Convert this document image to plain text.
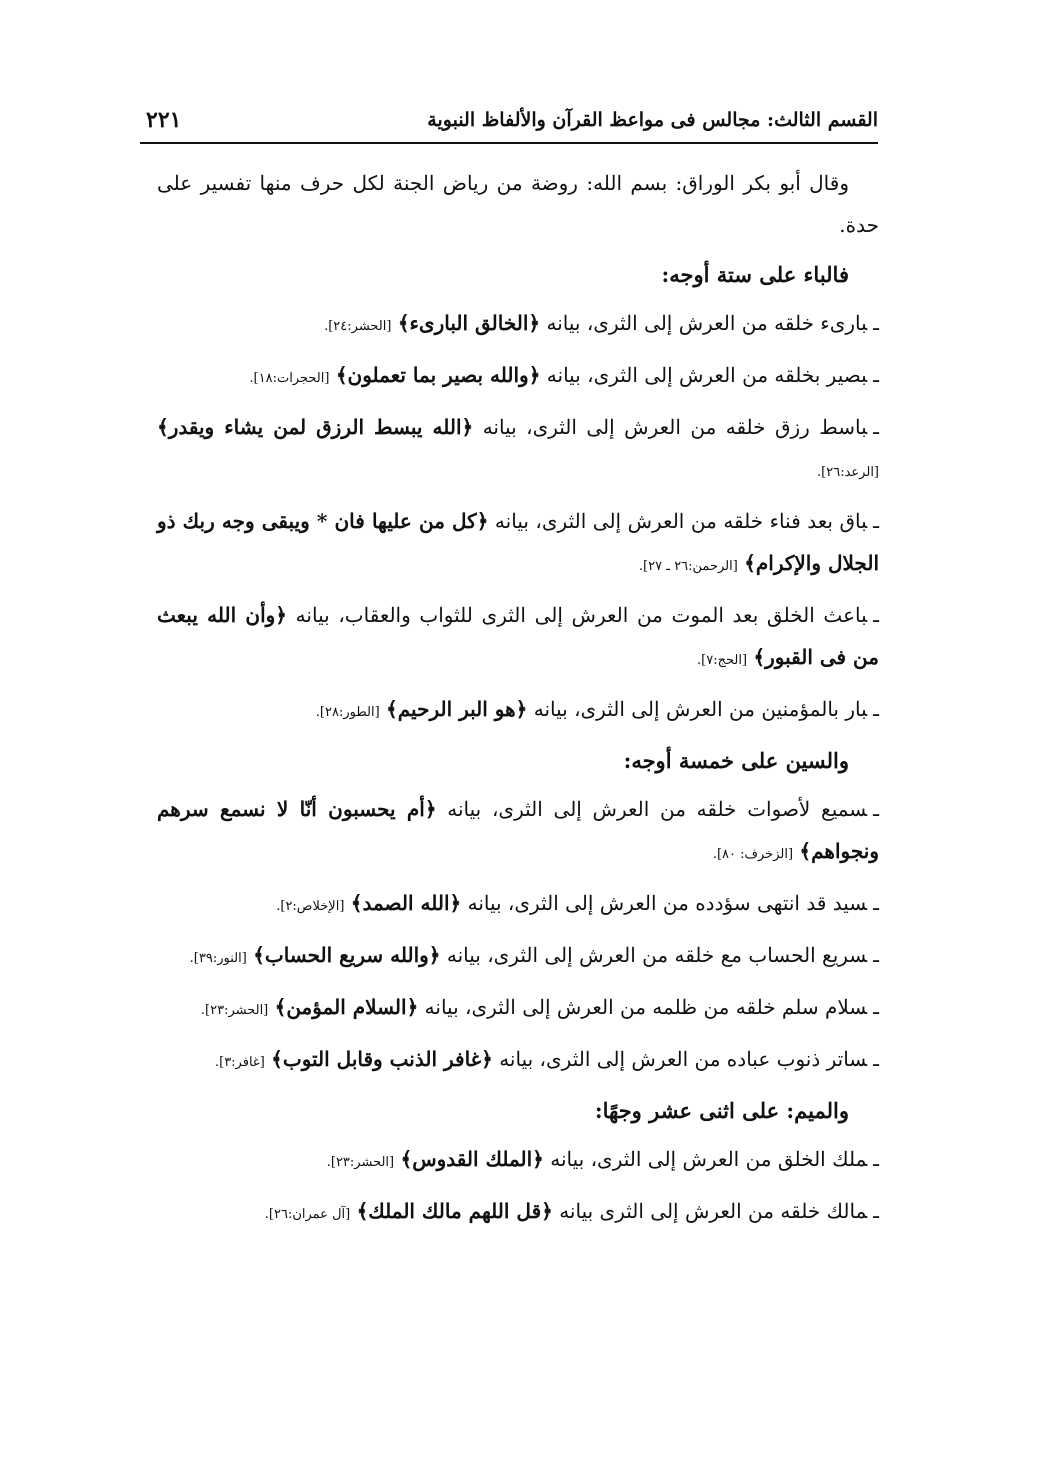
القسم الثالث: مجالس فى مواعظ القرآن والألفاظ النبوية
٢٢١

وقال أبو بكر الوراق: بسم الله: روضة من رياض الجنة لكل حرف منها تفسير على حدة.

فالباء على ستة أوجه:

ـبارىء خلقه من العرش إلى الثرى، بيانه ﴿الخالق البارىء﴾ [الحشر:٢٤].

ـبصير بخلقه من العرش إلى الثرى، بيانه ﴿والله بصير بما تعملون﴾ [الحجرات:١٨].

ـباسط رزق خلقه من العرش إلى الثرى، بيانه ﴿الله يبسط الرزق لمن يشاء ويقدر﴾ [الرعد:٢٦].

ـباق بعد فناء خلقه من العرش إلى الثرى، بيانه ﴿كل من عليها فان * ويبقى وجه ربك ذو الجلال والإكرام﴾ [الرحمن:٢٦ ـ ٢٧].

ـباعث الخلق بعد الموت من العرش إلى الثرى للثواب والعقاب، بيانه ﴿وأن الله يبعث من فى القبور﴾ [الحج:٧].

ـبار بالمؤمنين من العرش إلى الثرى، بيانه ﴿هو البر الرحيم﴾ [الطور:٢٨].

والسين على خمسة أوجه:

ـسميع لأصوات خلقه من العرش إلى الثرى، بيانه ﴿أم يحسبون أنّا لا نسمع سرهم ونجواهم﴾ [الزخرف: ٨٠].

ـسيد قد انتهى سؤدده من العرش إلى الثرى، بيانه ﴿الله الصمد﴾ [الإخلاص:٢].

ـسريع الحساب مع خلقه من العرش إلى الثرى، بيانه ﴿والله سريع الحساب﴾ [النور:٣٩].

ـسلام سلم خلقه من ظلمه من العرش إلى الثرى، بيانه ﴿السلام المؤمن﴾ [الحشر:٢٣].

ـساتر ذنوب عباده من العرش إلى الثرى، بيانه ﴿غافر الذنب وقابل التوب﴾ [غافر:٣].

والميم: على اثنى عشر وجهًا:

ـملك الخلق من العرش إلى الثرى، بيانه ﴿الملك القدوس﴾ [الحشر:٢٣].

ـمالك خلقه من العرش إلى الثرى بيانه ﴿قل اللهم مالك الملك﴾ [آل عمران:٢٦].
